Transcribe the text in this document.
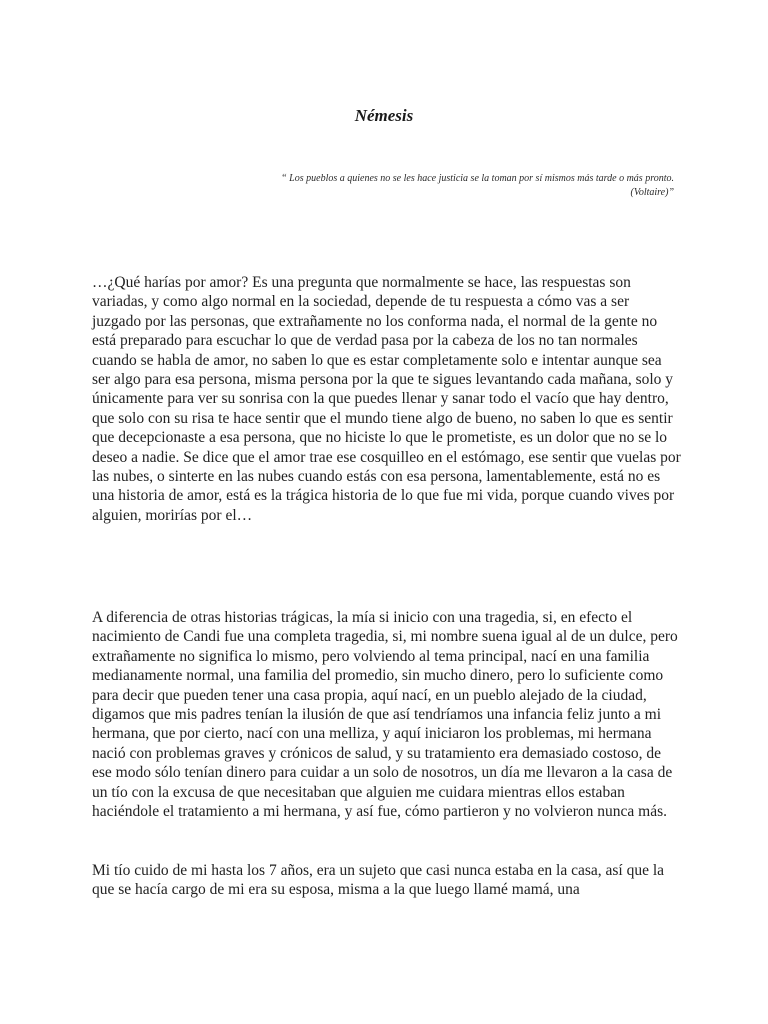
Némesis
“ Los pueblos a quienes no se les hace justicia se la toman por sí mismos más tarde o más pronto.
(Voltaire)”

…¿Qué harías por amor? Es una pregunta que normalmente se hace, las respuestas son variadas, y como algo normal en la sociedad, depende de tu respuesta a cómo vas a ser juzgado por las personas, que extrañamente no los conforma nada, el normal de la gente no está preparado para escuchar lo que de verdad pasa por la cabeza de los no tan normales cuando se habla de amor, no saben lo que es estar completamente solo e intentar aunque sea ser algo para esa persona, misma persona por la que te sigues levantando cada mañana, solo y únicamente para ver su sonrisa con la que puedes llenar y sanar todo el vacío que hay dentro, que solo con su risa te hace sentir que el mundo tiene algo de bueno, no saben lo que es sentir que decepcionaste a esa persona, que no hiciste lo que le prometiste, es un dolor que no se lo deseo a nadie. Se dice que el amor trae ese cosquilleo en el estómago, ese sentir que vuelas por las nubes, o sinterte en las nubes cuando estás con esa persona, lamentablemente, está no es una historia de amor, está es la trágica historia de lo que fue mi vida, porque cuando vives por alguien, morirías por el…

A diferencia de otras historias trágicas, la mía si inicio con una tragedia, si, en efecto el nacimiento de Candi fue una completa tragedia, si, mi nombre suena igual al de un dulce, pero extrañamente no significa lo mismo, pero volviendo al tema principal, nací en una familia medianamente normal, una familia del promedio, sin mucho dinero, pero lo suficiente como para decir que pueden tener una casa propia, aquí nací, en un pueblo alejado de la ciudad, digamos que mis padres tenían la ilusión de que así tendríamos una infancia feliz junto a mi hermana, que por cierto, nací con una melliza, y aquí iniciaron los problemas, mi hermana nació con problemas graves y crónicos de salud, y su tratamiento era demasiado costoso, de ese modo sólo tenían dinero para cuidar a un solo de nosotros, un día me llevaron a la casa de un tío con la excusa de que necesitaban que alguien me cuidara mientras ellos estaban haciéndole el tratamiento a mi hermana, y así fue, cómo partieron y no volvieron nunca más.

Mi tío cuido de mi hasta los 7 años, era un sujeto que casi nunca estaba en la casa, así que la que se hacía cargo de mi era su esposa, misma a la que luego llamé mamá, una
